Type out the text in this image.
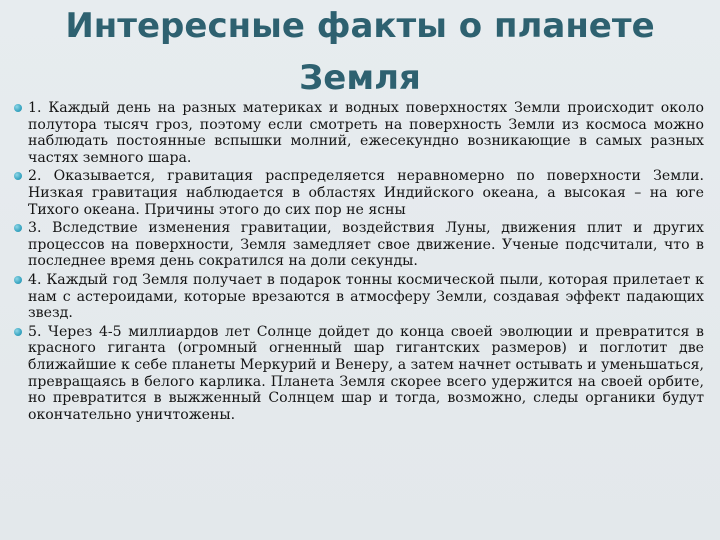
Интересные факты о планете Земля
1. Каждый день на разных материках и водных поверхностях Земли происходит около полутора тысяч гроз, поэтому если смотреть на поверхность Земли из космоса можно наблюдать постоянные вспышки молний, ежесекундно возникающие в самых разных частях земного шара.
2. Оказывается, гравитация распределяется неравномерно по поверхности Земли. Низкая гравитация наблюдается в областях Индийского океана, а высокая – на юге Тихого океана. Причины этого до сих пор не ясны
3. Вследствие изменения гравитации, воздействия Луны, движения плит и других процессов на поверхности, Земля замедляет свое движение. Ученые подсчитали, что в последнее время день сократился на доли секунды.
4. Каждый год Земля получает в подарок тонны космической пыли, которая прилетает к нам с астероидами, которые врезаются в атмосферу Земли, создавая эффект падающих звезд.
5. Через 4-5 миллиардов лет Солнце дойдет до конца своей эволюции и превратится в красного гиганта (огромный огненный шар гигантских размеров) и поглотит две ближайшие к себе планеты Меркурий и Венеру, а затем начнет остывать и уменьшаться, превращаясь в белого карлика. Планета Земля скорее всего удержится на своей орбите, но превратится в выжженный Солнцем шар и тогда, возможно, следы органики будут окончательно уничтожены.
